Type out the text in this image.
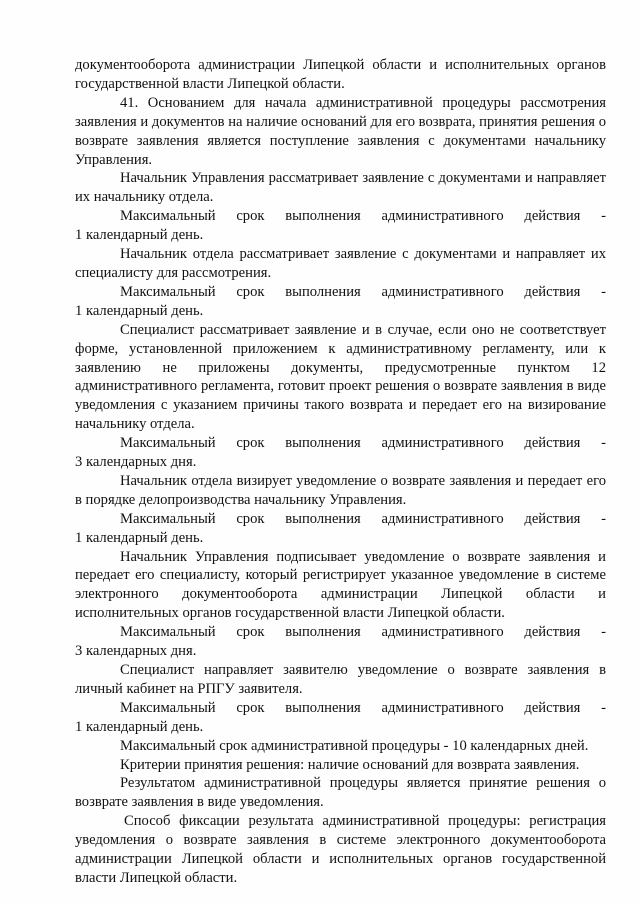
документооборота администрации Липецкой области и исполнительных органов государственной власти Липецкой области.

41. Основанием для начала административной процедуры рассмотрения заявления и документов на наличие оснований для его возврата, принятия решения о возврате заявления является поступление заявления с документами начальнику Управления.

Начальник Управления рассматривает заявление с документами и направляет их начальнику отдела.

Максимальный срок выполнения административного действия -

1 календарный день.

Начальник отдела рассматривает заявление с документами и направляет их специалисту для рассмотрения.

Максимальный срок выполнения административного действия -

1 календарный день.

Специалист рассматривает заявление и в случае, если оно не соответствует форме, установленной приложением к административному регламенту, или к заявлению не приложены документы, предусмотренные пунктом 12 административного регламента, готовит проект решения о возврате заявления в виде уведомления с указанием причины такого возврата и передает его на визирование начальнику отдела.

Максимальный срок выполнения административного действия -

3 календарных дня.

Начальник отдела визирует уведомление о возврате заявления и передает его в порядке делопроизводства начальнику Управления.

Максимальный срок выполнения административного действия -

1 календарный день.

Начальник Управления подписывает уведомление о возврате заявления и передает его специалисту, который регистрирует указанное уведомление в системе электронного документооборота администрации Липецкой области и исполнительных органов государственной власти Липецкой области.

Максимальный срок выполнения административного действия -

3 календарных дня.

Специалист направляет заявителю уведомление о возврате заявления в личный кабинет на РПГУ заявителя.

Максимальный срок выполнения административного действия -

1 календарный день.

Максимальный срок административной процедуры - 10 календарных дней.

Критерии принятия решения: наличие оснований для возврата заявления.

Результатом административной процедуры является принятие решения о возврате заявления в виде уведомления.

Способ фиксации результата административной процедуры: регистрация уведомления о возврате заявления в системе электронного документооборота администрации Липецкой области и исполнительных органов государственной власти Липецкой области.
